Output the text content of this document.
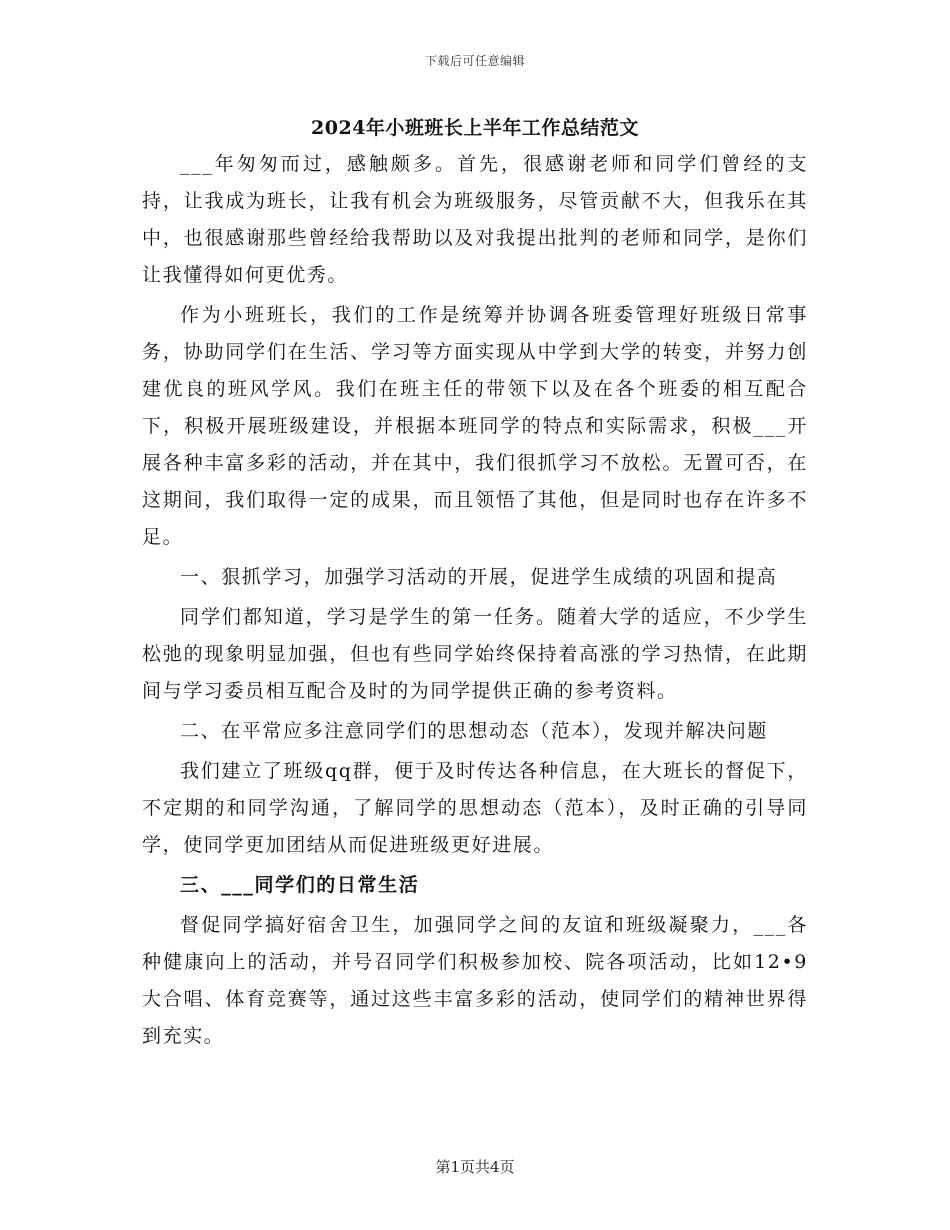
下载后可任意编辑
2024年小班班长上半年工作总结范文

___年匆匆而过，感触颇多。首先，很感谢老师和同学们曾经的支持，让我成为班长，让我有机会为班级服务，尽管贡献不大，但我乐在其中，也很感谢那些曾经给我帮助以及对我提出批判的老师和同学，是你们让我懂得如何更优秀。

作为小班班长，我们的工作是统筹并协调各班委管理好班级日常事务，协助同学们在生活、学习等方面实现从中学到大学的转变，并努力创建优良的班风学风。我们在班主任的带领下以及在各个班委的相互配合下，积极开展班级建设，并根据本班同学的特点和实际需求，积极___开展各种丰富多彩的活动，并在其中，我们很抓学习不放松。无置可否，在这期间，我们取得一定的成果，而且领悟了其他，但是同时也存在许多不足。

一、狠抓学习，加强学习活动的开展，促进学生成绩的巩固和提高

同学们都知道，学习是学生的第一任务。随着大学的适应，不少学生松弛的现象明显加强，但也有些同学始终保持着高涨的学习热情，在此期间与学习委员相互配合及时的为同学提供正确的参考资料。

二、在平常应多注意同学们的思想动态（范本），发现并解决问题

我们建立了班级qq群，便于及时传达各种信息，在大班长的督促下，不定期的和同学沟通，了解同学的思想动态（范本），及时正确的引导同学，使同学更加团结从而促进班级更好进展。

三、___同学们的日常生活

督促同学搞好宿舍卫生，加强同学之间的友谊和班级凝聚力，___各种健康向上的活动，并号召同学们积极参加校、院各项活动，比如12•9大合唱、体育竞赛等，通过这些丰富多彩的活动，使同学们的精神世界得到充实。

第1页共4页
